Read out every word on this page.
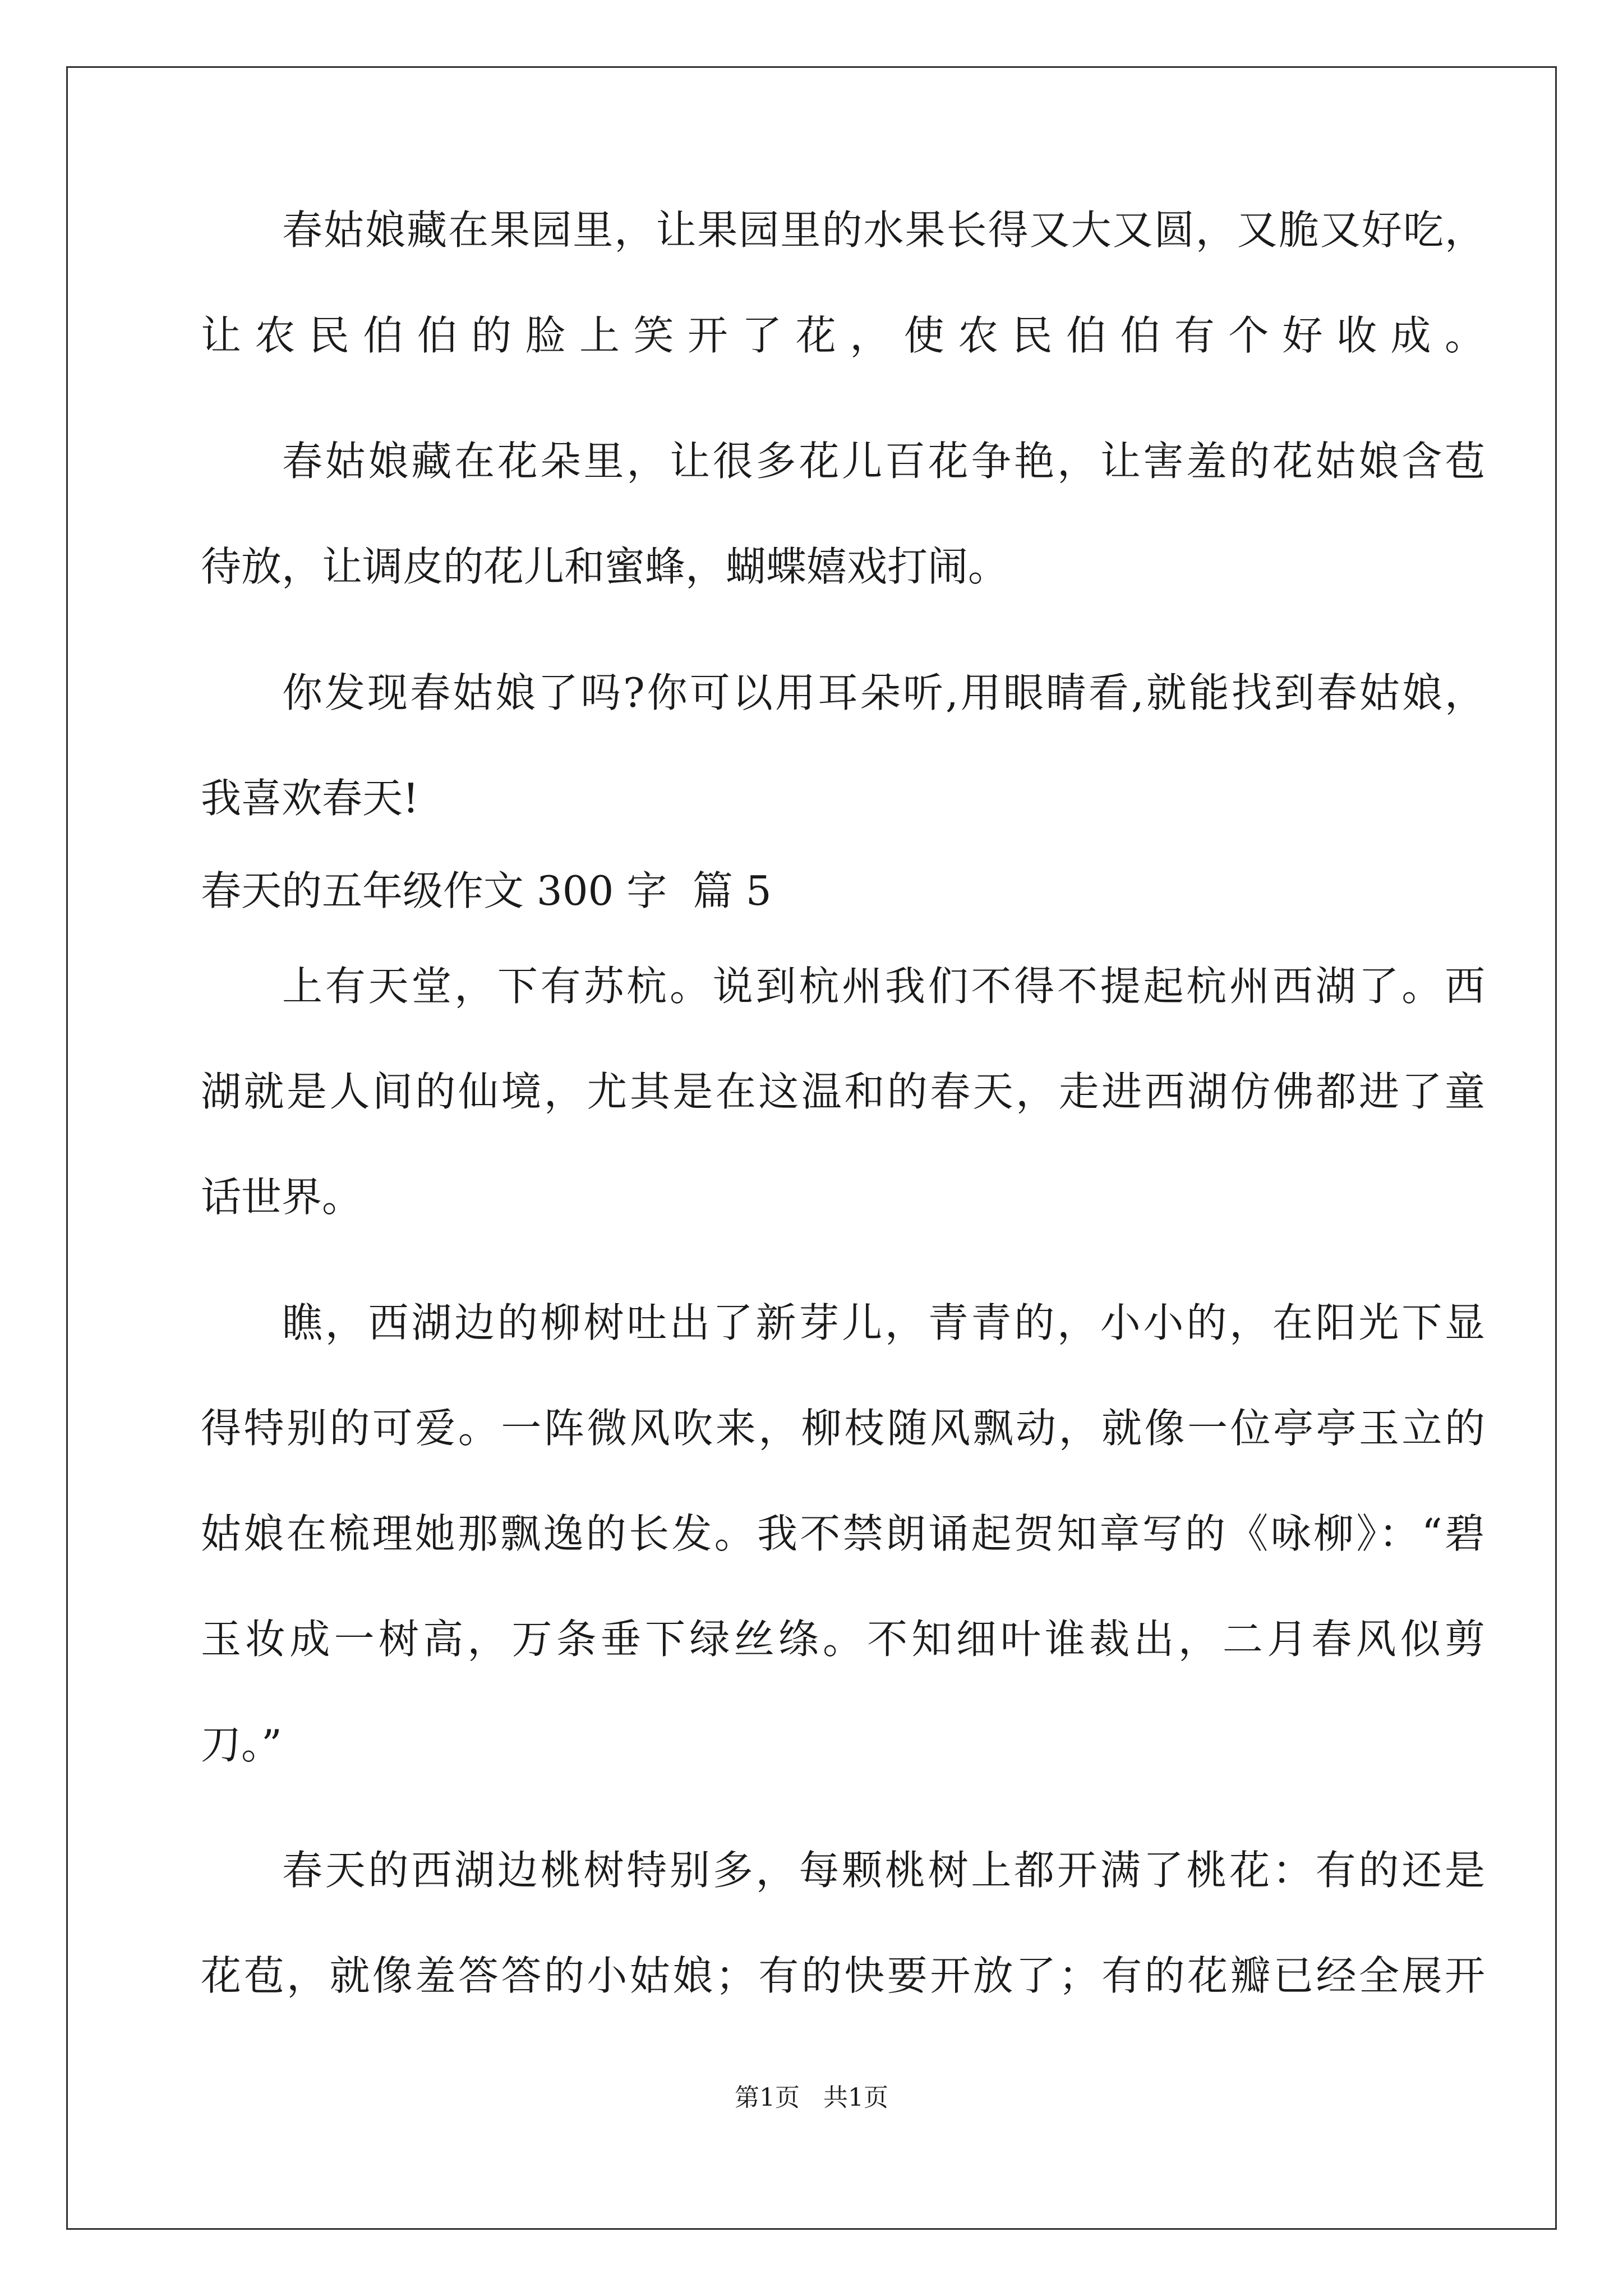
春姑娘藏在果园里，让果园里的水果长得又大又圆，又脆又好吃，
让农民伯伯的脸上笑开了花，使农民伯伯有个好收成。
春姑娘藏在花朵里，让很多花儿百花争艳，让害羞的花姑娘含苞
待放，让调皮的花儿和蜜蜂，蝴蝶嬉戏打闹。
你发现春姑娘了吗?你可以用耳朵听,用眼睛看,就能找到春姑娘，
我喜欢春天!
春天的五年级作文 300 字  篇 5
上有天堂，下有苏杭。说到杭州我们不得不提起杭州西湖了。西
湖就是人间的仙境，尤其是在这温和的春天，走进西湖仿佛都进了童
话世界。
瞧，西湖边的柳树吐出了新芽儿，青青的，小小的，在阳光下显
得特别的可爱。一阵微风吹来，柳枝随风飘动，就像一位亭亭玉立的
姑娘在梳理她那飘逸的长发。我不禁朗诵起贺知章写的《咏柳》：“碧
玉妆成一树高，万条垂下绿丝绦。不知细叶谁裁出，二月春风似剪
刀。”
春天的西湖边桃树特别多，每颗桃树上都开满了桃花：有的还是
花苞，就像羞答答的小姑娘；有的快要开放了；有的花瓣已经全展开
第1页 共1页
